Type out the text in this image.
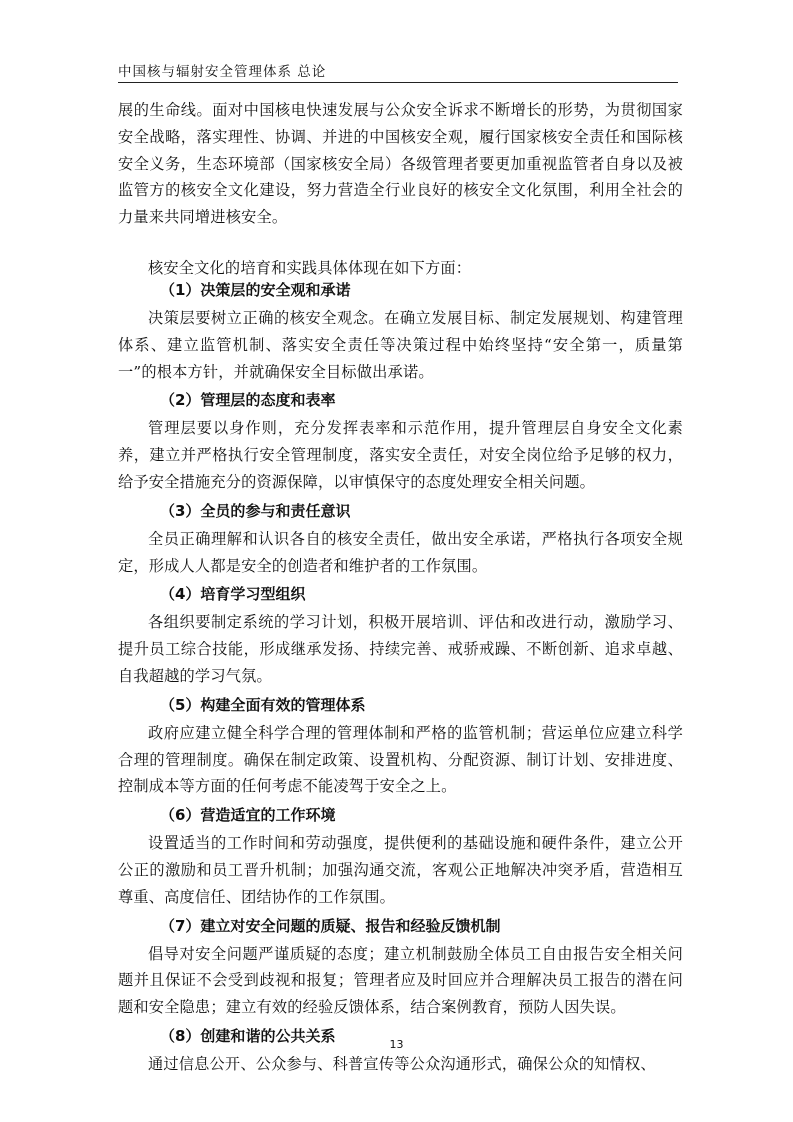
中国核与辐射安全管理体系 总论
展的生命线。面对中国核电快速发展与公众安全诉求不断增长的形势，为贯彻国家安全战略，落实理性、协调、并进的中国核安全观，履行国家核安全责任和国际核安全义务，生态环境部（国家核安全局）各级管理者要更加重视监管者自身以及被监管方的核安全文化建设，努力营造全行业良好的核安全文化氛围，利用全社会的力量来共同增进核安全。
核安全文化的培育和实践具体体现在如下方面：
（1）决策层的安全观和承诺

决策层要树立正确的核安全观念。在确立发展目标、制定发展规划、构建管理体系、建立监管机制、落实安全责任等决策过程中始终坚持“安全第一，质量第一”的根本方针，并就确保安全目标做出承诺。

（2）管理层的态度和表率

管理层要以身作则，充分发挥表率和示范作用，提升管理层自身安全文化素养，建立并严格执行安全管理制度，落实安全责任，对安全岗位给予足够的权力，给予安全措施充分的资源保障，以审慎保守的态度处理安全相关问题。

（3）全员的参与和责任意识

全员正确理解和认识各自的核安全责任，做出安全承诺，严格执行各项安全规定，形成人人都是安全的创造者和维护者的工作氛围。

（4）培育学习型组织

各组织要制定系统的学习计划，积极开展培训、评估和改进行动，激励学习、提升员工综合技能，形成继承发扬、持续完善、戒骄戒躁、不断创新、追求卓越、自我超越的学习气氛。

（5）构建全面有效的管理体系

政府应建立健全科学合理的管理体制和严格的监管机制；营运单位应建立科学合理的管理制度。确保在制定政策、设置机构、分配资源、制订计划、安排进度、控制成本等方面的任何考虑不能凌驾于安全之上。

（6）营造适宜的工作环境

设置适当的工作时间和劳动强度，提供便利的基础设施和硬件条件，建立公开公正的激励和员工晋升机制；加强沟通交流，客观公正地解决冲突矛盾，营造相互尊重、高度信任、团结协作的工作氛围。

（7）建立对安全问题的质疑、报告和经验反馈机制

倡导对安全问题严谨质疑的态度；建立机制鼓励全体员工自由报告安全相关问题并且保证不会受到歧视和报复；管理者应及时回应并合理解决员工报告的潜在问题和安全隐患；建立有效的经验反馈体系，结合案例教育，预防人因失误。

（8）创建和谐的公共关系

通过信息公开、公众参与、科普宣传等公众沟通形式，确保公众的知情权、

13
